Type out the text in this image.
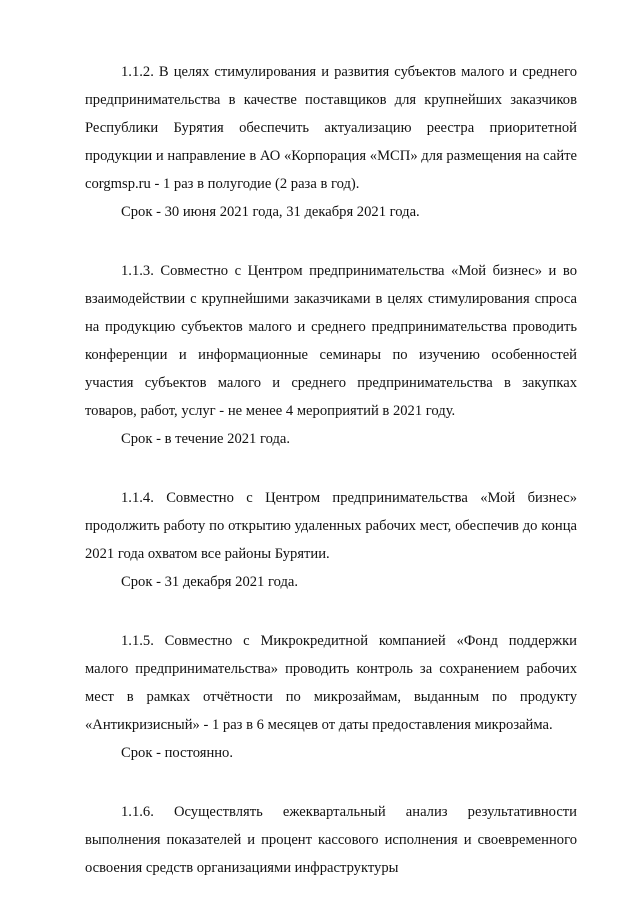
1.1.2. В целях стимулирования и развития субъектов малого и среднего предпринимательства в качестве поставщиков для крупнейших заказчиков Республики Бурятия обеспечить актуализацию реестра приоритетной продукции и направление в АО «Корпорация «МСП» для размещения на сайте corgmsp.ru - 1 раз в полугодие (2 раза в год).

Срок - 30 июня 2021 года, 31 декабря 2021 года.

1.1.3. Совместно с Центром предпринимательства «Мой бизнес» и во взаимодействии с крупнейшими заказчиками в целях стимулирования спроса на продукцию субъектов малого и среднего предпринимательства проводить конференции и информационные семинары по изучению особенностей участия субъектов малого и среднего предпринимательства в закупках товаров, работ, услуг - не менее 4 мероприятий в 2021 году.

Срок - в течение 2021 года.

1.1.4. Совместно с Центром предпринимательства «Мой бизнес» продолжить работу по открытию удаленных рабочих мест, обеспечив до конца 2021 года охватом все районы Бурятии.

Срок - 31 декабря 2021 года.

1.1.5. Совместно с Микрокредитной компанией «Фонд поддержки малого предпринимательства» проводить контроль за сохранением рабочих мест в рамках отчётности по микрозаймам, выданным по продукту «Антикризисный» - 1 раз в 6 месяцев от даты предоставления микрозайма.

Срок - постоянно.

1.1.6. Осуществлять ежеквартальный анализ результативности выполнения показателей и процент кассового исполнения и своевременного освоения средств организациями инфраструктуры
